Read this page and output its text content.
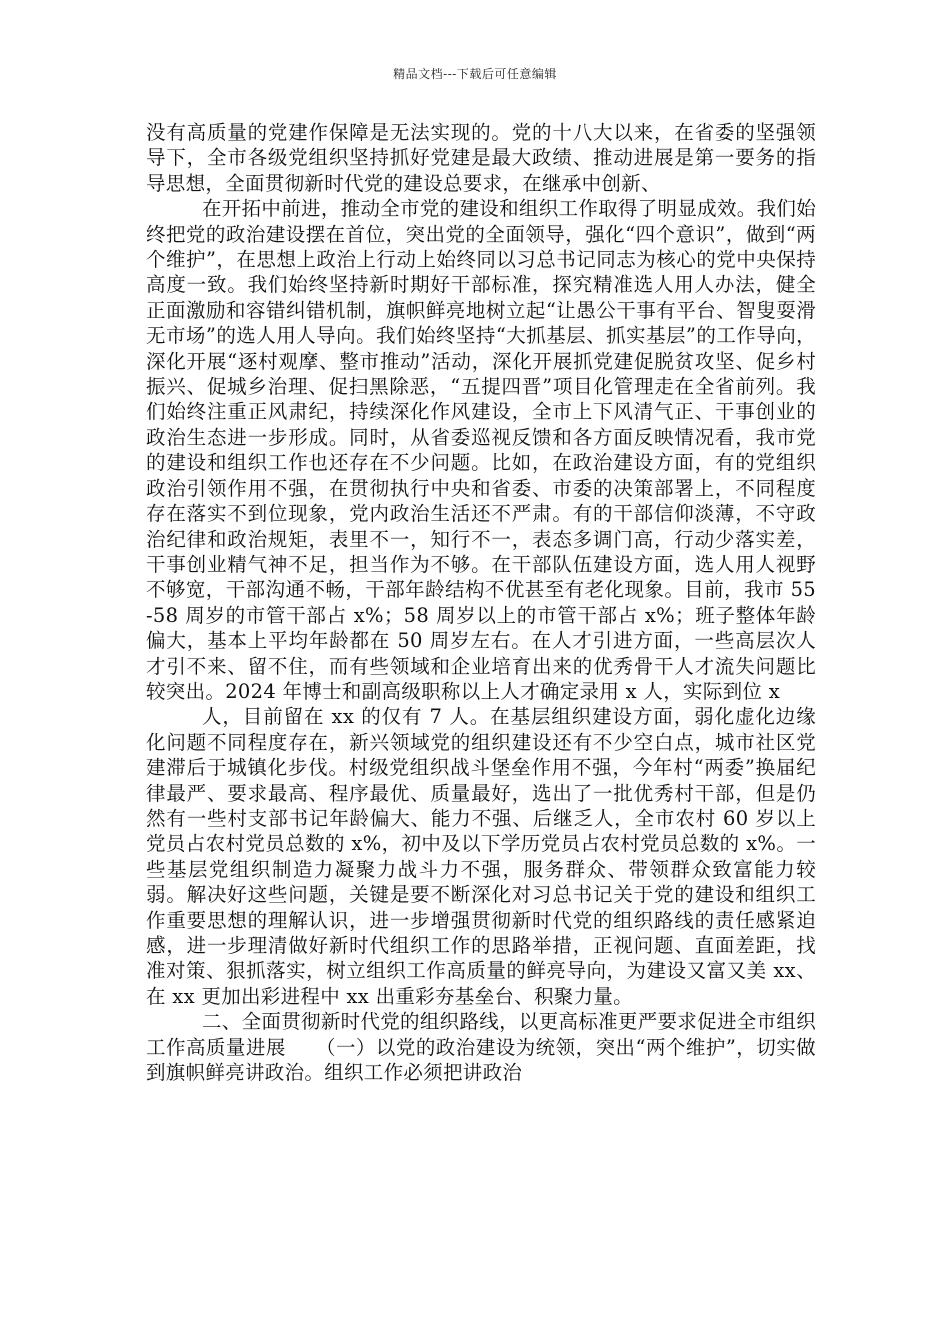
精品文档---下载后可任意编辑

没有高质量的党建作保障是无法实现的。党的十八大以来，在省委的坚强领导下，全市各级党组织坚持抓好党建是最大政绩、推动进展是第一要务的指导思想，全面贯彻新时代党的建设总要求，在继承中创新、

在开拓中前进，推动全市党的建设和组织工作取得了明显成效。我们始终把党的政治建设摆在首位，突出党的全面领导，强化“四个意识”，做到“两个维护”，在思想上政治上行动上始终同以习总书记同志为核心的党中央保持高度一致。我们始终坚持新时期好干部标准，探究精准选人用人办法，健全正面激励和容错纠错机制，旗帜鲜亮地树立起“让愚公干事有平台、智叟耍滑无市场”的选人用人导向。我们始终坚持“大抓基层、抓实基层”的工作导向，深化开展“逐村观摩、整市推动”活动，深化开展抓党建促脱贫攻坚、促乡村振兴、促城乡治理、促扫黑除恶，“五提四晋”项目化管理走在全省前列。我们始终注重正风肃纪，持续深化作风建设，全市上下风清气正、干事创业的政治生态进一步形成。同时，从省委巡视反馈和各方面反映情况看，我市党的建设和组织工作也还存在不少问题。比如，在政治建设方面，有的党组织政治引领作用不强，在贯彻执行中央和省委、市委的决策部署上，不同程度存在落实不到位现象，党内政治生活还不严肃。有的干部信仰淡薄，不守政治纪律和政治规矩，表里不一，知行不一，表态多调门高，行动少落实差，干事创业精气神不足，担当作为不够。在干部队伍建设方面，选人用人视野不够宽，干部沟通不畅，干部年龄结构不优甚至有老化现象。目前，我市 55-58 周岁的市管干部占 x%；58 周岁以上的市管干部占 x%；班子整体年龄偏大，基本上平均年龄都在 50 周岁左右。在人才引进方面，一些高层次人才引不来、留不住，而有些领域和企业培育出来的优秀骨干人才流失问题比较突出。2024 年博士和副高级职称以上人才确定录用 x 人，实际到位 x

人，目前留在 xx 的仅有 7 人。在基层组织建设方面，弱化虚化边缘化问题不同程度存在，新兴领域党的组织建设还有不少空白点，城市社区党建滞后于城镇化步伐。村级党组织战斗堡垒作用不强，今年村“两委”换届纪律最严、要求最高、程序最优、质量最好，选出了一批优秀村干部，但是仍然有一些村支部书记年龄偏大、能力不强、后继乏人，全市农村 60 岁以上党员占农村党员总数的 x%，初中及以下学历党员占农村党员总数的 x%。一些基层党组织制造力凝聚力战斗力不强，服务群众、带领群众致富能力较弱。解决好这些问题，关键是要不断深化对习总书记关于党的建设和组织工作重要思想的理解认识，进一步增强贯彻新时代党的组织路线的责任感紧迫感，进一步理清做好新时代组织工作的思路举措，正视问题、直面差距，找准对策、狠抓落实，树立组织工作高质量的鲜亮导向，为建设又富又美 xx、在 xx 更加出彩进程中 xx 出重彩夯基垒台、积聚力量。

二、全面贯彻新时代党的组织路线，以更高标准更严要求促进全市组织工作高质量进展　　（一）以党的政治建设为统领，突出“两个维护”，切实做到旗帜鲜亮讲政治。组织工作必须把讲政治
